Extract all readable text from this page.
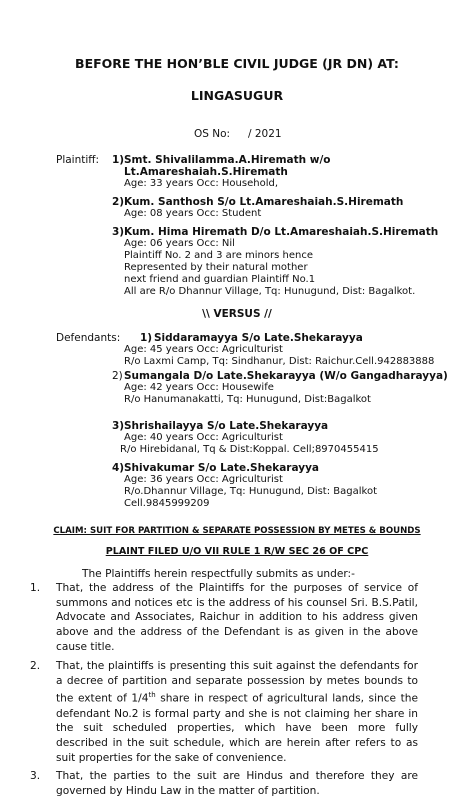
BEFORE THE HON’BLE CIVIL JUDGE (JR DN) AT:
LINGASUGUR
OS No: / 2021
Plaintiff: 1) Smt. Shivalilamma.A.Hiremath w/o
Lt.Amareshaiah.S.Hiremath
Age: 33 years Occ: Household,
2) Kum. Santhosh S/o Lt.Amareshaiah.S.Hiremath
Age: 08 years Occ: Student
3) Kum. Hima Hiremath D/o Lt.Amareshaiah.S.Hiremath
Age: 06 years Occ: Nil
Plaintiff No. 2 and 3 are minors hence
Represented by their natural mother
next friend and guardian Plaintiff No.1
All are R/o Dhannur Village, Tq: Hunugund, Dist: Bagalkot.
\\ VERSUS //
Defendants: 1) Siddaramayya S/o Late.Shekarayya
Age: 45 years Occ: Agriculturist
R/o Laxmi Camp, Tq: Sindhanur, Dist: Raichur.Cell.942883888
2) Sumangala D/o Late.Shekarayya (W/o Gangadharayya)
Age: 42 years Occ: Housewife
R/o Hanumanakatti, Tq: Hunugund, Dist:Bagalkot
3) Shrishailayya S/o Late.Shekarayya
Age: 40 years Occ: Agriculturist
R/o Hirebidanal, Tq & Dist:Koppal. Cell;8970455415
4) Shivakumar S/o Late.Shekarayya
Age: 36 years Occ: Agriculturist
R/o.Dhannur Village, Tq: Hunugund, Dist: Bagalkot
Cell.9845999209
CLAIM: SUIT FOR PARTITION & SEPARATE POSSESSION BY METES & BOUNDS
PLAINT FILED U/O VII RULE 1 R/W SEC 26 OF CPC
The Plaintiffs herein respectfully submits as under:-
1. That, the address of the Plaintiffs for the purposes of service of summons and notices etc is the address of his counsel Sri. B.S.Patil, Advocate and Associates, Raichur in addition to his address given above and the address of the Defendant is as given in the above cause title.
2. That, the plaintiffs is presenting this suit against the defendants for a decree of partition and separate possession by metes bounds to the extent of 1/4th share in respect of agricultural lands, since the defendant No.2 is formal party and she is not claiming her share in the suit scheduled properties, which have been more fully described in the suit schedule, which are herein after refers to as suit properties for the sake of convenience.
3. That, the parties to the suit are Hindus and therefore they are governed by Hindu Law in the matter of partition.
